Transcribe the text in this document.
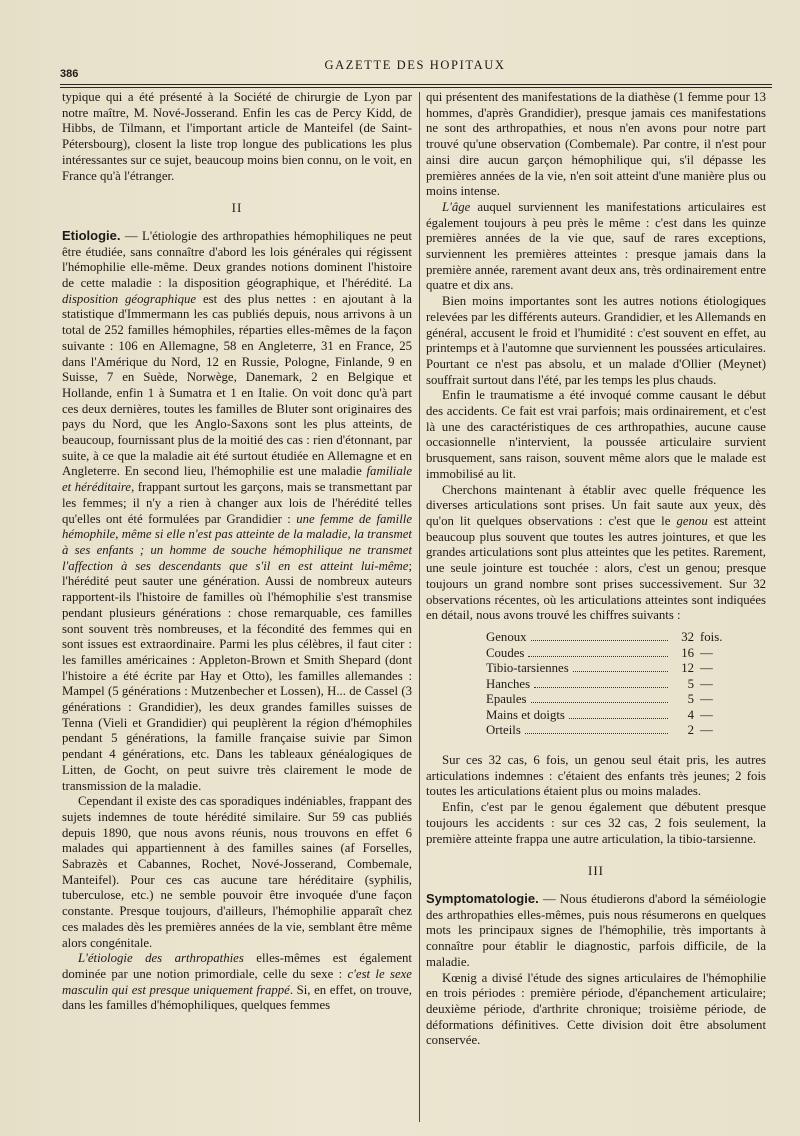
386
GAZETTE DES HOPITAUX

typique qui a été présenté à la Société de chirurgie de Lyon par notre maître, M. Nové-Josserand. Enfin les cas de Percy Kidd, de Hibbs, de Tilmann, et l'important article de Manteifel (de Saint-Pétersbourg), closent la liste trop longue des publications les plus intéressantes sur ce sujet, beaucoup moins bien connu, on le voit, en France qu'à l'étranger.

II

Etiologie. — L'étiologie des arthropathies hémophiliques ne peut être étudiée, sans connaître d'abord les lois générales qui régissent l'hémophilie elle-même. Deux grandes notions dominent l'histoire de cette maladie : la disposition géographique, et l'hérédité. La disposition géographique est des plus nettes : en ajoutant à la statistique d'Immermann les cas publiés depuis, nous arrivons à un total de 252 familles hémophiles, réparties elles-mêmes de la façon suivante : 106 en Allemagne, 58 en Angleterre, 31 en France, 25 dans l'Amérique du Nord, 12 en Russie, Pologne, Finlande, 9 en Suisse, 7 en Suède, Norwège, Danemark, 2 en Belgique et Hollande, enfin 1 à Sumatra et 1 en Italie. On voit donc qu'à part ces deux dernières, toutes les familles de Bluter sont originaires des pays du Nord, que les Anglo-Saxons sont les plus atteints, de beaucoup, fournissant plus de la moitié des cas : rien d'étonnant, par suite, à ce que la maladie ait été surtout étudiée en Allemagne et en Angleterre. En second lieu, l'hémophilie est une maladie familiale et héréditaire, frappant surtout les garçons, mais se transmettant par les femmes; il n'y a rien à changer aux lois de l'hérédité telles qu'elles ont été formulées par Grandidier : une femme de famille hémophile, même si elle n'est pas atteinte de la maladie, la transmet à ses enfants ; un homme de souche hémophilique ne transmet l'affection à ses descendants que s'il en est atteint lui-même; l'hérédité peut sauter une génération. Aussi de nombreux auteurs rapportent-ils l'histoire de familles où l'hémophilie s'est transmise pendant plusieurs générations : chose remarquable, ces familles sont souvent très nombreuses, et la fécondité des femmes qui en sont issues est extraordinaire. Parmi les plus célèbres, il faut citer : les familles américaines : Appleton-Brown et Smith Shepard (dont l'histoire a été écrite par Hay et Otto), les familles allemandes : Mampel (5 générations : Mutzenbecher et Lossen), H... de Cassel (3 générations : Grandidier), les deux grandes familles suisses de Tenna (Vieli et Grandidier) qui peuplèrent la région d'hémophiles pendant 5 générations, la famille française suivie par Simon pendant 4 générations, etc. Dans les tableaux généalogiques de Litten, de Gocht, on peut suivre très clairement le mode de transmission de la maladie.

Cependant il existe des cas sporadiques indéniables, frappant des sujets indemnes de toute hérédité similaire. Sur 59 cas publiés depuis 1890, que nous avons réunis, nous trouvons en effet 6 malades qui appartiennent à des familles saines (af Forselles, Sabrazès et Cabannes, Rochet, Nové-Josserand, Combemale, Manteifel). Pour ces cas aucune tare héréditaire (syphilis, tuberculose, etc.) ne semble pouvoir être invoquée d'une façon constante. Presque toujours, d'ailleurs, l'hémophilie apparaît chez ces malades dès les premières années de la vie, semblant être même alors congénitale.

L'étiologie des arthropathies elles-mêmes est également dominée par une notion primordiale, celle du sexe : c'est le sexe masculin qui est presque uniquement frappé. Si, en effet, on trouve, dans les familles d'hémophiliques, quelques femmes

qui présentent des manifestations de la diathèse (1 femme pour 13 hommes, d'après Grandidier), presque jamais ces manifestations ne sont des arthropathies, et nous n'en avons pour notre part trouvé qu'une observation (Combemale). Par contre, il n'est pour ainsi dire aucun garçon hémophilique qui, s'il dépasse les premières années de la vie, n'en soit atteint d'une manière plus ou moins intense.

L'âge auquel surviennent les manifestations articulaires est également toujours à peu près le même : c'est dans les quinze premières années de la vie que, sauf de rares exceptions, surviennent les premières atteintes : presque jamais dans la première année, rarement avant deux ans, très ordinairement entre quatre et dix ans.

Bien moins importantes sont les autres notions étiologiques relevées par les différents auteurs. Grandidier, et les Allemands en général, accusent le froid et l'humidité : c'est souvent en effet, au printemps et à l'automne que surviennent les poussées articulaires. Pourtant ce n'est pas absolu, et un malade d'Ollier (Meynet) souffrait surtout dans l'été, par les temps les plus chauds.

Enfin le traumatisme a été invoqué comme causant le début des accidents. Ce fait est vrai parfois; mais ordinairement, et c'est là une des caractéristiques de ces arthropathies, aucune cause occasionnelle n'intervient, la poussée articulaire survient brusquement, sans raison, souvent même alors que le malade est immobilisé au lit.

Cherchons maintenant à établir avec quelle fréquence les diverses articulations sont prises. Un fait saute aux yeux, dès qu'on lit quelques observations : c'est que le genou est atteint beaucoup plus souvent que toutes les autres jointures, et que les grandes articulations sont plus atteintes que les petites. Rarement, une seule jointure est touchée : alors, c'est un genou; presque toujours un grand nombre sont prises successivement. Sur 32 observations récentes, où les articulations atteintes sont indiquées en détail, nous avons trouvé les chiffres suivants :

Genoux	32 fois.
Coudes	16 —
Tibio-tarsiennes	12 —
Hanches	5 —
Epaules	5 —
Mains et doigts	4 —
Orteils	2 —

Sur ces 32 cas, 6 fois, un genou seul était pris, les autres articulations indemnes : c'étaient des enfants très jeunes; 2 fois toutes les articulations étaient plus ou moins malades.

Enfin, c'est par le genou également que débutent presque toujours les accidents : sur ces 32 cas, 2 fois seulement, la première atteinte frappa une autre articulation, la tibio-tarsienne.

III

Symptomatologie. — Nous étudierons d'abord la séméiologie des arthropathies elles-mêmes, puis nous résumerons en quelques mots les principaux signes de l'hémophilie, très importants à connaître pour établir le diagnostic, parfois difficile, de la maladie.

Kœnig a divisé l'étude des signes articulaires de l'hémophilie en trois périodes : première période, d'épanchement articulaire; deuxième période, d'arthrite chronique; troisième période, de déformations définitives. Cette division doit être absolument conservée.
